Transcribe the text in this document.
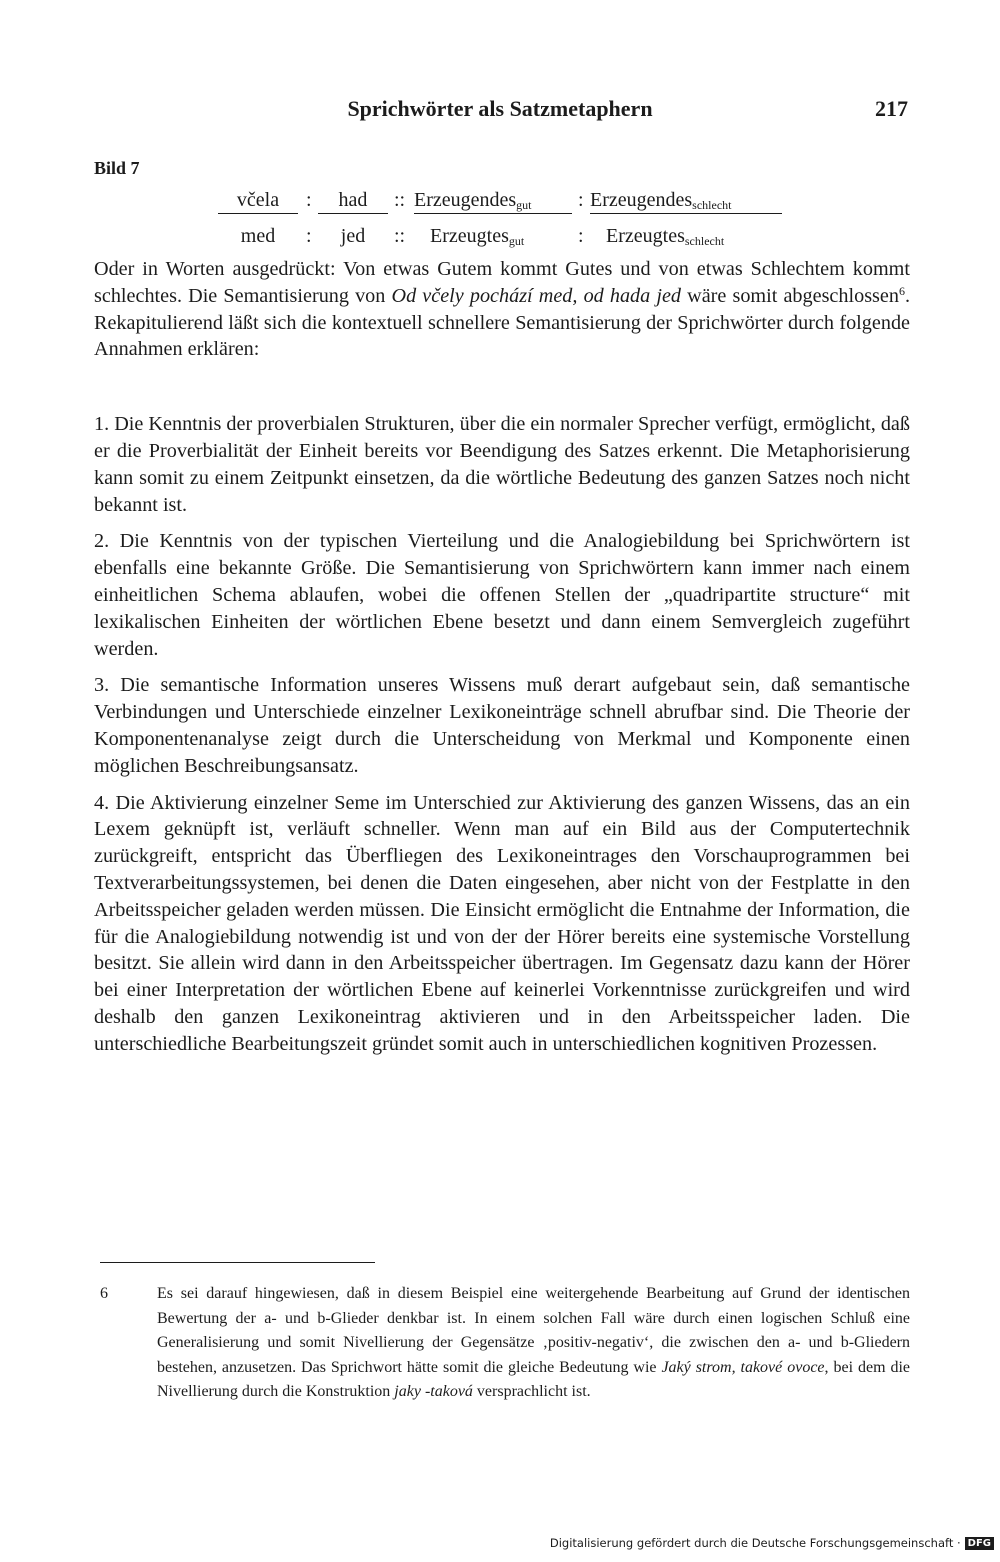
Sprichwörter als Satzmetaphern	217
Bild 7
včela	:	had	:: Erzeugendes$_{gut}$	: Erzeugendes$_{schlecht}$
med	:	jed	:: Erzeugtes$_{gut}$	: Erzeugtes$_{schlecht}$

Oder in Worten ausgedrückt: Von etwas Gutem kommt Gutes und von etwas Schlechtem kommt schlechtes. Die Semantisierung von Od včely pochází med, od hada jed wäre somit abgeschlossen$^6$. Rekapitulierend läßt sich die kontextuell schnellere Semantisierung der Sprichwörter durch folgende Annahmen erklären:

1. Die Kenntnis der proverbialen Strukturen, über die ein normaler Sprecher verfügt, ermöglicht, daß er die Proverbialität der Einheit bereits vor Beendigung des Satzes erkennt. Die Metaphorisierung kann somit zu einem Zeitpunkt einsetzen, da die wörtliche Bedeutung des ganzen Satzes noch nicht bekannt ist.

2. Die Kenntnis von der typischen Vierteilung und die Analogiebildung bei Sprichwörtern ist ebenfalls eine bekannte Größe. Die Semantisierung von Sprichwörtern kann immer nach einem einheitlichen Schema ablaufen, wobei die offenen Stellen der „quadripartite structure“ mit lexikalischen Einheiten der wörtlichen Ebene besetzt und dann einem Semvergleich zugeführt werden.

3. Die semantische Information unseres Wissens muß derart aufgebaut sein, daß semantische Verbindungen und Unterschiede einzelner Lexikoneinträge schnell abrufbar sind. Die Theorie der Komponentenanalyse zeigt durch die Unterscheidung von Merkmal und Komponente einen möglichen Beschreibungsansatz.

4. Die Aktivierung einzelner Seme im Unterschied zur Aktivierung des ganzen Wissens, das an ein Lexem geknüpft ist, verläuft schneller. Wenn man auf ein Bild aus der Computertechnik zurückgreift, entspricht das Überfliegen des Lexikoneintrages den Vorschauprogrammen bei Textverarbeitungssystemen, bei denen die Daten eingesehen, aber nicht von der Festplatte in den Arbeitsspeicher geladen werden müssen. Die Einsicht ermöglicht die Entnahme der Information, die für die Analogiebildung notwendig ist und von der der Hörer bereits eine systemische Vorstellung besitzt. Sie allein wird dann in den Arbeitsspeicher übertragen. Im Gegensatz dazu kann der Hörer bei einer Interpretation der wörtlichen Ebene auf keinerlei Vorkenntnisse zurückgreifen und wird deshalb den ganzen Lexikoneintrag aktivieren und in den Arbeitsspeicher laden. Die unterschiedliche Bearbeitungszeit gründet somit auch in unterschiedlichen kognitiven Prozessen.

6	Es sei darauf hingewiesen, daß in diesem Beispiel eine weitergehende Bearbeitung auf Grund der identischen Bewertung der a- und b-Glieder denkbar ist. In einem solchen Fall wäre durch einen logischen Schluß eine Generalisierung und somit Nivellierung der Gegensätze ‚positiv-negativ‘, die zwischen den a- und b-Gliedern bestehen, anzusetzen. Das Sprichwort hätte somit die gleiche Bedeutung wie Jaký strom, takové ovoce, bei dem die Nivellierung durch die Konstruktion jaky -taková versprachlicht ist.
Digitalisierung gefördert durch die Deutsche Forschungsgemeinschaft · DFG
